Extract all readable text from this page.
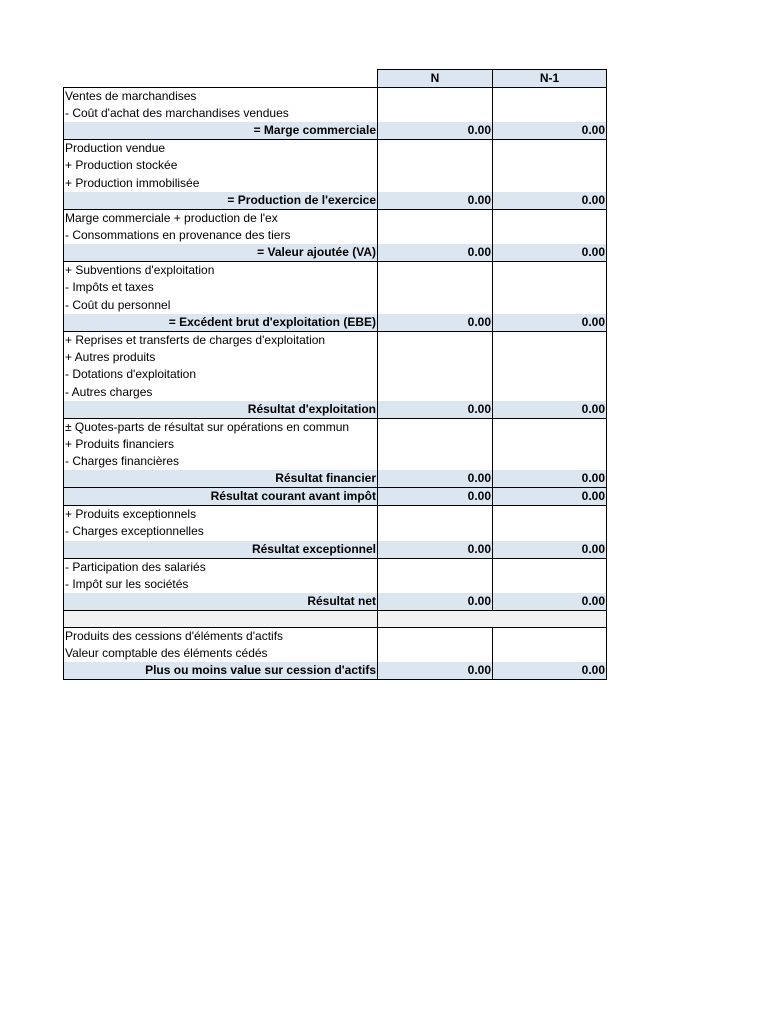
	N	N-1
Ventes de marchandises		
- Coût d'achat des marchandises vendues		
= Marge commerciale	0.00	0.00
Production vendue		
+ Production stockée		
+ Production immobilisée		
= Production de l'exercice	0.00	0.00
Marge commerciale + production de l'ex		
- Consommations en provenance des tiers		
= Valeur ajoutée (VA)	0.00	0.00
+ Subventions d'exploitation		
- Impôts et taxes		
- Coût du personnel		
= Excédent brut d'exploitation (EBE)	0.00	0.00
+ Reprises et transferts de charges d'exploitation		
+ Autres produits		
- Dotations d'exploitation		
- Autres charges		
Résultat d'exploitation	0.00	0.00
± Quotes-parts de résultat sur opérations en commun		
+ Produits financiers		
- Charges financières		
Résultat financier	0.00	0.00
Résultat courant avant impôt	0.00	0.00
+ Produits exceptionnels		
- Charges exceptionnelles		
Résultat exceptionnel	0.00	0.00
- Participation des salariés		
- Impôt sur les sociétés		
Résultat net	0.00	0.00

Produits des cessions d'éléments d'actifs		
Valeur comptable des éléments cédés		
Plus ou moins value sur cession d'actifs	0.00	0.00
